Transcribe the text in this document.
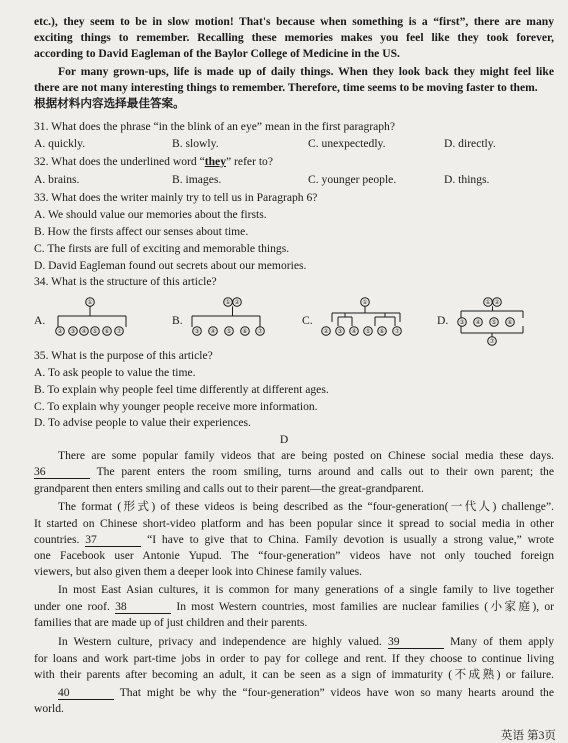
etc.), they seem to be in slow motion! That's because when something is a “first”, there are many
exciting things to remember. Recalling these memories makes you feel like they took forever,
according to David Eagleman of the Baylor College of Medicine in the US.
For many grown-ups, life is made up of daily things. When they look back they might feel like
there are not many interesting things to remember. Therefore, time seems to be moving faster to them.
根据材料内容选择最佳答案。
31. What does the phrase “in the blink of an eye” mean in the first paragraph?
A. quickly.	B. slowly.	C. unexpectedly.	D. directly.
32. What does the underlined word “they” refer to?
A. brains.	B. images.	C. younger people.	D. things.
33. What does the writer mainly try to tell us in Paragraph 6?
A. We should value our memories about the firsts.
B. How the firsts affect our senses about time.
C. The firsts are full of exciting and memorable things.
D. David Eagleman found out secrets about our memories.
34. What is the structure of this article?
A.
①
② ③ ④ ⑤ ⑥ ⑦
B.
① ②
③ ④ ⑤ ⑥ ⑦
C.
①
② ③ ④ ⑤ ⑥ ⑦
D.
① ②
③ ④ ⑤ ⑥
⑦
35. What is the purpose of this article?
A. To ask people to value the time.
B. To explain why people feel time differently at different ages.
C. To explain why younger people receive more information.
D. To advise people to value their experiences.
D
There are some popular family videos that are being posted on Chinese social media these days.
36	The parent enters the room smiling, turns around and calls out to their own parent; the
grandparent then enters smiling and calls out to their parent—the great-grandparent.
The format (形式) of these videos is being described as the “four-generation(一代人) challenge”.
It started on Chinese short-video platform and has been popular since it spread to social media in other
countries. 37	“I have to give that to China. Family devotion is usually a strong value,” wrote
one Facebook user Antonie Yupud. The “four-generation” videos have not only touched foreign
viewers, but also given them a deeper look into Chinese family values.
In most East Asian cultures, it is common for many generations of a single family to live together
under one roof. 38	In most Western countries, most families are nuclear families (小家庭), or
families that are made up of just children and their parents.
In Western culture, privacy and independence are highly valued. 39	Many of them apply
for loans and work part-time jobs in order to pay for college and rent. If they choose to continue living
with their parents after becoming an adult, it can be seen as a sign of immaturity (不成熟) or failure.
40	That might be why the “four-generation” videos have won so many hearts around the
world.
英语 第3页
